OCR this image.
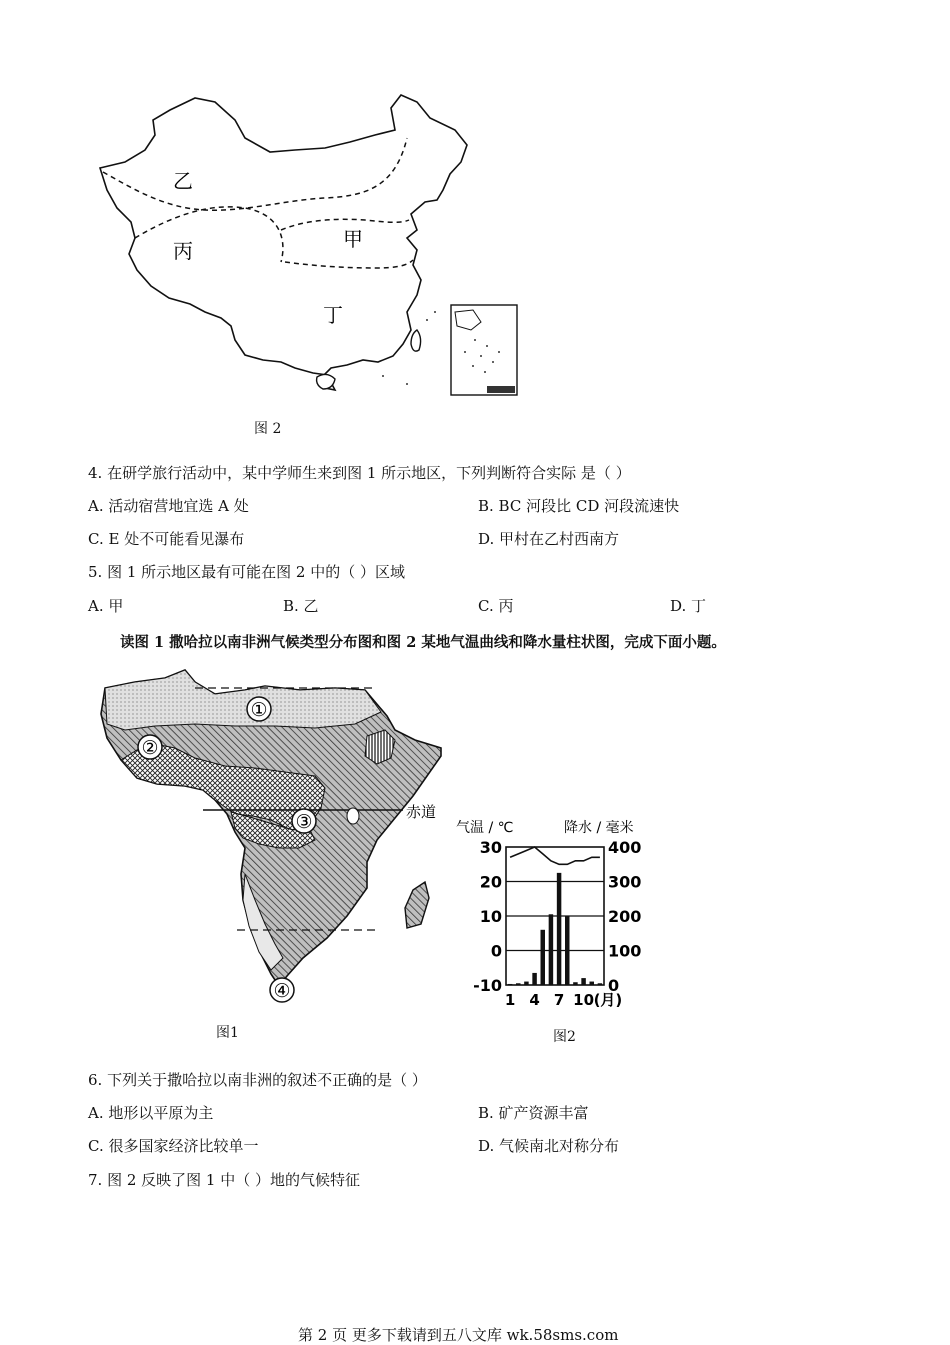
乙
丙	甲
丁
图 2
4. 在研学旅行活动中，某中学师生来到图 1 所示地区，下列判断符合实际 是（ ）
A. 活动宿营地宜选 A 处	B. BC 河段比 CD 河段流速快
C. E 处不可能看见瀑布	D. 甲村在乙村西南方
5. 图 1 所示地区最有可能在图 2 中的（ ）区域
A. 甲	B. 乙	C. 丙	D. 丁
读图 1 撒哈拉以南非洲气候类型分布图和图 2 某地气温曲线和降水量柱状图，完成下面小题。
①
②
③
④
赤道
图1
气温 / ℃	降水 / 毫米
30
20
10
0
-10
400
300
200
100
0
1 4 7 10 (月)
图2
6. 下列关于撒哈拉以南非洲的叙述不正确的是（ ）
A. 地形以平原为主	B. 矿产资源丰富
C. 很多国家经济比较单一	D. 气候南北对称分布
7. 图 2 反映了图 1 中（ ）地的气候特征
第 2 页 更多下载请到五八文库 wk.58sms.com
